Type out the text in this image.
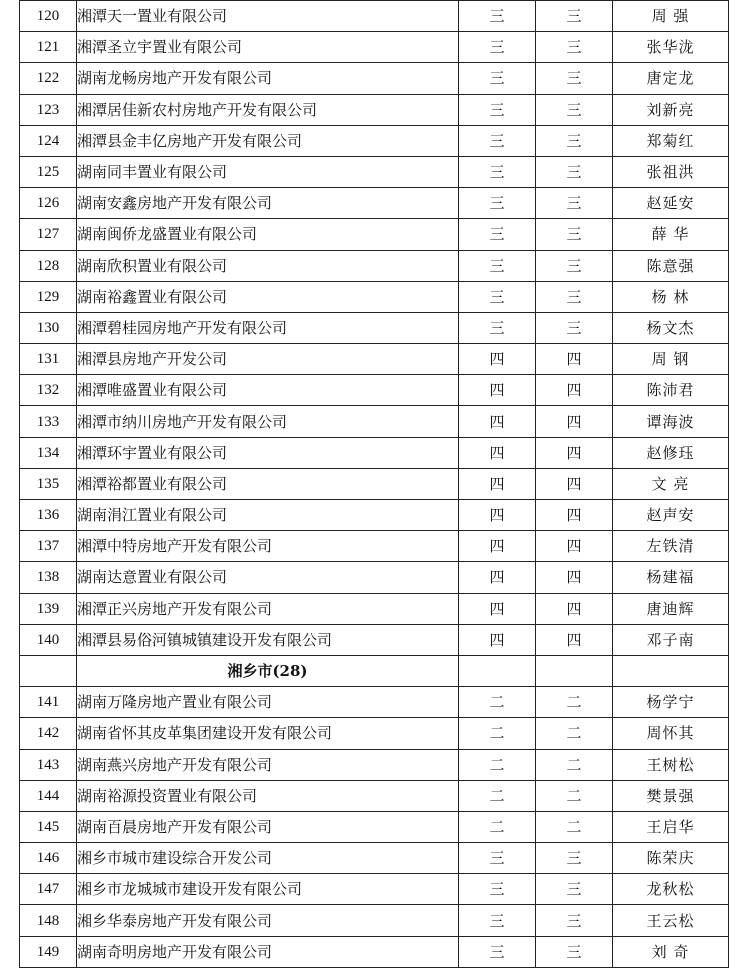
120	湘潭天一置业有限公司	三	三	周 强
121	湘潭圣立宇置业有限公司	三	三	张华泷
122	湖南龙畅房地产开发有限公司	三	三	唐定龙
123	湘潭居佳新农村房地产开发有限公司	三	三	刘新亮
124	湘潭县金丰亿房地产开发有限公司	三	三	郑菊红
125	湖南同丰置业有限公司	三	三	张祖洪
126	湖南安鑫房地产开发有限公司	三	三	赵延安
127	湖南闽侨龙盛置业有限公司	三	三	薛 华
128	湖南欣积置业有限公司	三	三	陈意强
129	湖南裕鑫置业有限公司	三	三	杨 林
130	湘潭碧桂园房地产开发有限公司	三	三	杨文杰
131	湘潭县房地产开发公司	四	四	周 钢
132	湘潭唯盛置业有限公司	四	四	陈沛君
133	湘潭市纳川房地产开发有限公司	四	四	谭海波
134	湘潭环宇置业有限公司	四	四	赵修珏
135	湘潭裕都置业有限公司	四	四	文 亮
136	湖南涓江置业有限公司	四	四	赵声安
137	湘潭中特房地产开发有限公司	四	四	左铁清
138	湖南达意置业有限公司	四	四	杨建福
139	湘潭正兴房地产开发有限公司	四	四	唐迪辉
140	湘潭县易俗河镇城镇建设开发有限公司	四	四	邓子南
	湘乡市(28)			
141	湖南万隆房地产置业有限公司	二	二	杨学宁
142	湖南省怀其皮革集团建设开发有限公司	二	二	周怀其
143	湖南燕兴房地产开发有限公司	二	二	王树松
144	湖南裕源投资置业有限公司	二	二	樊景强
145	湖南百晨房地产开发有限公司	二	二	王启华
146	湘乡市城市建设综合开发公司	三	三	陈荣庆
147	湘乡市龙城城市建设开发有限公司	三	三	龙秋松
148	湘乡华泰房地产开发有限公司	三	三	王云松
149	湖南奇明房地产开发有限公司	三	三	刘 奇
